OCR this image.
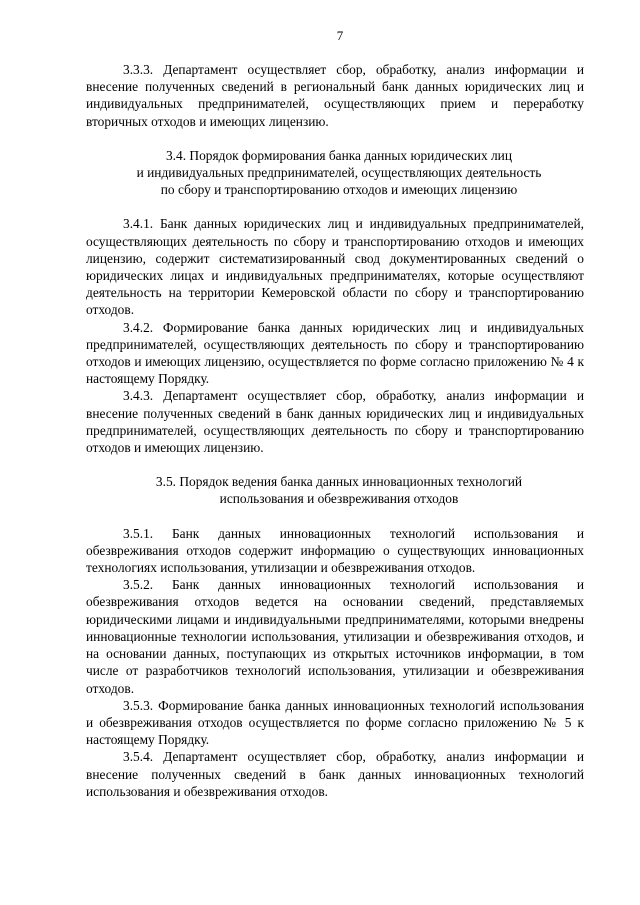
7

3.3.3. Департамент осуществляет сбор, обработку, анализ информации и внесение полученных сведений в региональный банк данных юридических лиц и индивидуальных предпринимателей, осуществляющих прием и переработку вторичных отходов и имеющих лицензию.

3.4. Порядок формирования банка данных юридических лиц
и индивидуальных предпринимателей, осуществляющих деятельность
по сбору и транспортированию отходов и имеющих лицензию

3.4.1. Банк данных юридических лиц и индивидуальных предпринимателей, осуществляющих деятельность по сбору и транспортированию отходов и имеющих лицензию, содержит систематизированный свод документированных сведений о юридических лицах и индивидуальных предпринимателях, которые осуществляют деятельность на территории Кемеровской области по сбору и транспортированию отходов.

3.4.2. Формирование банка данных юридических лиц и индивидуальных предпринимателей, осуществляющих деятельность по сбору и транспортированию отходов и имеющих лицензию, осуществляется по форме согласно приложению № 4 к настоящему Порядку.

3.4.3. Департамент осуществляет сбор, обработку, анализ информации и внесение полученных сведений в банк данных юридических лиц и индивидуальных предпринимателей, осуществляющих деятельность по сбору и транспортированию отходов и имеющих лицензию.

3.5. Порядок ведения банка данных инновационных технологий
использования и обезвреживания отходов

3.5.1. Банк данных инновационных технологий использования и обезвреживания отходов содержит информацию о существующих инновационных технологиях использования, утилизации и обезвреживания отходов.

3.5.2. Банк данных инновационных технологий использования и обезвреживания отходов ведется на основании сведений, представляемых юридическими лицами и индивидуальными предпринимателями, которыми внедрены инновационные технологии использования, утилизации и обезвреживания отходов, и на основании данных, поступающих из открытых источников информации, в том числе от разработчиков технологий использования, утилизации и обезвреживания отходов.

3.5.3. Формирование банка данных инновационных технологий использования и обезвреживания отходов осуществляется по форме согласно приложению № 5 к настоящему Порядку.

3.5.4. Департамент осуществляет сбор, обработку, анализ информации и внесение полученных сведений в банк данных инновационных технологий использования и обезвреживания отходов.
